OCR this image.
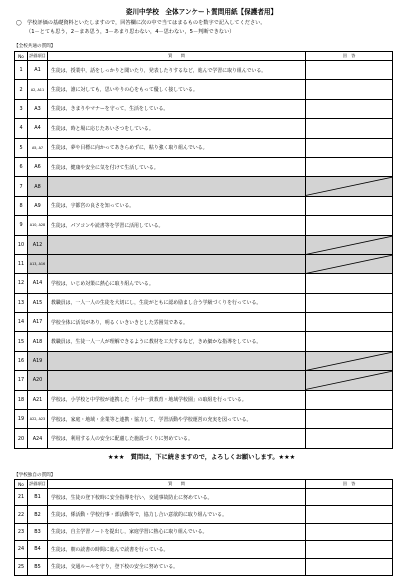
姿川中学校　全体アンケート質問用紙【保護者用】
◯　学校評価の基礎資料といたしますので，回答欄に次の中で当てはまるものを数字で記入してください。
（1－とても思う，2－まあ思う，3－あまり思わない，4－思わない，5－判断できない）
【全校共通の質問】
No	評価項目	質　　問	回　答
1	A1	生徒は，授業中，話をしっかりと聞いたり，発表したりするなど，進んで学習に取り組んでいる。	
2	A2, A11	生徒は，誰に対しても，思いやりの心をもって優しく接している。	
3	A3	生徒は，きまりやマナーを守って，生活をしている。	
4	A4	生徒は，時と場に応じたあいさつをしている。	
5	A5, A7	生徒は，夢や目標に向かってあきらめずに，粘り強く取り組んでいる。	
6	A6	生徒は，健康や安全に気を付けて生活している。	
7	A8		

8	A9	生徒は，宇都宮の良さを知っている。	
9	A10, A28	生徒は，パソコンや読書等を学習に活用している。	
10	A12		

11	A13, A16		

12	A14	学校は，いじめ対策に熱心に取り組んでいる。	
13	A15	教職員は，一人一人の生徒を大切にし，生徒がともに認め励まし合う学級づくりを行っている。	
14	A17	学校全体に活気があり，明るくいきいきとした雰囲気である。	
15	A18	教職員は，生徒一人一人が理解できるように教材を工夫するなど，きめ細かな指導をしている。	
16	A19		

17	A20		

18	A21	学校は，小学校と中学校が連携した「小中一貫教育・地域学校園」の取組を行っている。	
19	A22, A23	学校は，家庭・地域・企業等と連携・協力して，学習活動や学校運営の充実を図っている。	
20	A24	学校は，利用する人の安全に配慮した施設づくりに努めている。	
★★★　質問は，下に続きますので，よろしくお願いします。★★★
【学校独自の質問】
No	評価項目	質　　問	回　答
21	B1	学校は，生徒の登下校時に安全指導を行い，交通事故防止に努めている。	
22	B2	生徒は，係活動・学校行事・部活動等で，協力し合い意欲的に取り組んでいる。	
23	B3	生徒は，自主学習ノートを提出し，家庭学習に熱心に取り組んでいる。	
24	B4	生徒は，朝の読書の時間に進んで読書を行っている。	
25	B5	生徒は，交通ルールを守り，登下校の安全に努めている。	
